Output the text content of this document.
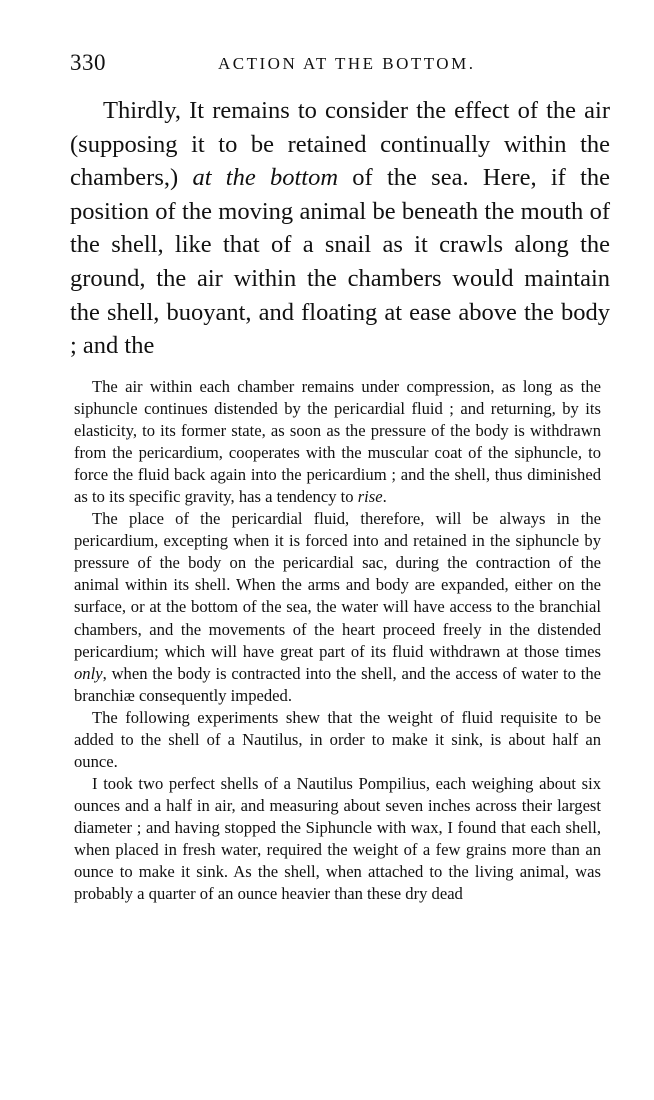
330	ACTION AT THE BOTTOM.

Thirdly, It remains to consider the effect of the air (supposing it to be retained continually within the chambers,) at the bottom of the sea. Here, if the position of the moving animal be beneath the mouth of the shell, like that of a snail as it crawls along the ground, the air within the chambers would maintain the shell, buoyant, and floating at ease above the body ; and the

The air within each chamber remains under compression, as long as the siphuncle continues distended by the pericardial fluid ; and returning, by its elasticity, to its former state, as soon as the pressure of the body is withdrawn from the pericardium, cooperates with the muscular coat of the siphuncle, to force the fluid back again into the pericardium ; and the shell, thus diminished as to its specific gravity, has a tendency to rise.

The place of the pericardial fluid, therefore, will be always in the pericardium, excepting when it is forced into and retained in the siphuncle by pressure of the body on the pericardial sac, during the contraction of the animal within its shell. When the arms and body are expanded, either on the surface, or at the bottom of the sea, the water will have access to the branchial chambers, and the movements of the heart proceed freely in the distended pericardium; which will have great part of its fluid withdrawn at those times only, when the body is contracted into the shell, and the access of water to the branchiæ consequently impeded.

The following experiments shew that the weight of fluid requisite to be added to the shell of a Nautilus, in order to make it sink, is about half an ounce.

I took two perfect shells of a Nautilus Pompilius, each weighing about six ounces and a half in air, and measuring about seven inches across their largest diameter ; and having stopped the Siphuncle with wax, I found that each shell, when placed in fresh water, required the weight of a few grains more than an ounce to make it sink. As the shell, when attached to the living animal, was probably a quarter of an ounce heavier than these dry dead
